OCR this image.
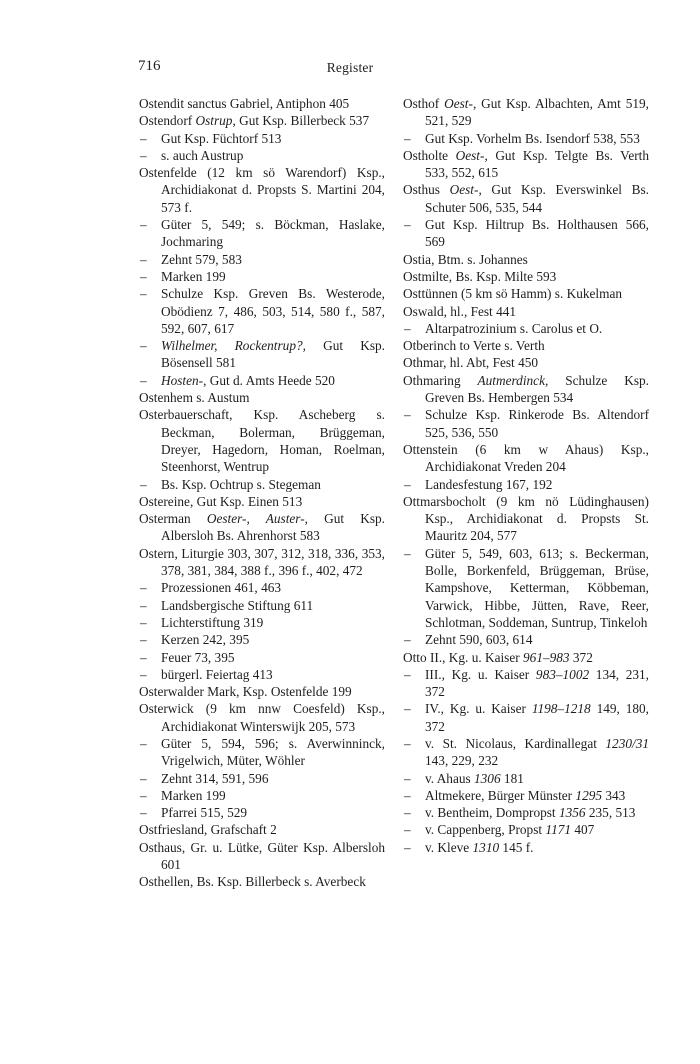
716	Register

Ostendit sanctus Gabriel, Antiphon 405

Ostendorf Ostrup, Gut Ksp. Billerbeck 537

– Gut Ksp. Füchtorf 513

– s. auch Austrup

Ostenfelde (12 km sö Warendorf) Ksp., Archidiakonat d. Propsts S. Martini 204, 573 f.

– Güter 5, 549; s. Böckman, Haslake, Jochmaring

– Zehnt 579, 583

– Marken 199

– Schulze Ksp. Greven Bs. Westerode, Obödienz 7, 486, 503, 514, 580 f., 587, 592, 607, 617

– Wilhelmer, Rockentrup?, Gut Ksp. Bösensell 581

– Hosten-, Gut d. Amts Heede 520

Ostenhem s. Austum

Osterbauerschaft, Ksp. Ascheberg s. Beckman, Bolerman, Brüggeman, Dreyer, Hagedorn, Homan, Roelman, Steenhorst, Wentrup

– Bs. Ksp. Ochtrup s. Stegeman

Ostereine, Gut Ksp. Einen 513

Osterman Oester-, Auster-, Gut Ksp. Albersloh Bs. Ahrenhorst 583

Ostern, Liturgie 303, 307, 312, 318, 336, 353, 378, 381, 384, 388 f., 396 f., 402, 472

– Prozessionen 461, 463

– Landsbergische Stiftung 611

– Lichterstiftung 319

– Kerzen 242, 395

– Feuer 73, 395

– bürgerl. Feiertag 413

Osterwalder Mark, Ksp. Ostenfelde 199

Osterwick (9 km nnw Coesfeld) Ksp., Archidiakonat Winterswijk 205, 573

– Güter 5, 594, 596; s. Averwinninck, Vrigelwich, Müter, Wöhler

– Zehnt 314, 591, 596

– Marken 199

– Pfarrei 515, 529

Ostfriesland, Grafschaft 2

Osthaus, Gr. u. Lütke, Güter Ksp. Albersloh 601

Osthellen, Bs. Ksp. Billerbeck s. Averbeck

Osthof Oest-, Gut Ksp. Albachten, Amt 519, 521, 529

– Gut Ksp. Vorhelm Bs. Isendorf 538, 553

Ostholte Oest-, Gut Ksp. Telgte Bs. Verth 533, 552, 615

Osthus Oest-, Gut Ksp. Everswinkel Bs. Schuter 506, 535, 544

– Gut Ksp. Hiltrup Bs. Holthausen 566, 569

Ostia, Btm. s. Johannes

Ostmilte, Bs. Ksp. Milte 593

Osttünnen (5 km sö Hamm) s. Kukelman

Oswald, hl., Fest 441

– Altarpatrozinium s. Carolus et O.

Otberinch to Verte s. Verth

Othmar, hl. Abt, Fest 450

Othmaring Autmerdinck, Schulze Ksp. Greven Bs. Hembergen 534

– Schulze Ksp. Rinkerode Bs. Altendorf 525, 536, 550

Ottenstein (6 km w Ahaus) Ksp., Archidiakonat Vreden 204

– Landesfestung 167, 192

Ottmarsbocholt (9 km nö Lüdinghausen) Ksp., Archidiakonat d. Propsts St. Mauritz 204, 577

– Güter 5, 549, 603, 613; s. Beckerman, Bolle, Borkenfeld, Brüggeman, Brüse, Kampshove, Ketterman, Köbbeman, Varwick, Hibbe, Jütten, Rave, Reer, Schlotman, Soddeman, Suntrup, Tinkeloh

– Zehnt 590, 603, 614

Otto II., Kg. u. Kaiser 961–983 372

– III., Kg. u. Kaiser 983–1002 134, 231, 372

– IV., Kg. u. Kaiser 1198–1218 149, 180, 372

– v. St. Nicolaus, Kardinallegat 1230/31 143, 229, 232

– v. Ahaus 1306 181

– Altmekere, Bürger Münster 1295 343

– v. Bentheim, Dompropst 1356 235, 513

– v. Cappenberg, Propst 1171 407

– v. Kleve 1310 145 f.
